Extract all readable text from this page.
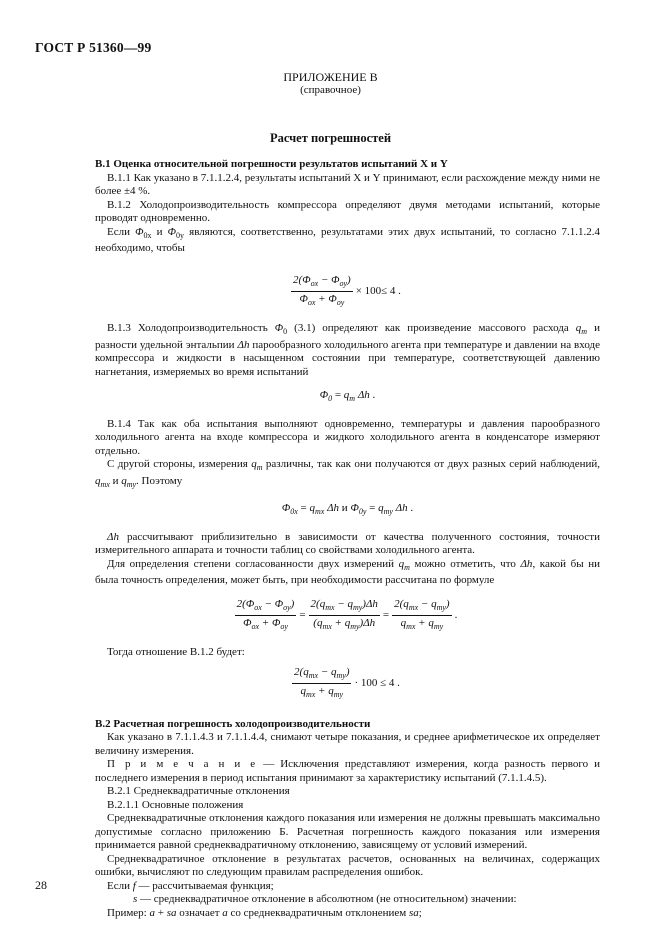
ГОСТ Р 51360—99
ПРИЛОЖЕНИЕ В
(справочное)
Расчет погрешностей

В.1 Оценка относительной погрешности результатов испытаний X и Y

В.1.1 Как указано в 7.1.1.2.4, результаты испытаний X и Y принимают, если расхождение между ними не более ±4 %.

В.1.2 Холодопроизводительность компрессора определяют двумя методами испытаний, которые проводят одновременно.

Если $\Phi_{0x}$ и $\Phi_{0y}$ являются, соответственно, результатами этих двух испытаний, то согласно 7.1.1.2.4 необходимо, чтобы

$\frac{2(\Phi_{ox} - \Phi_{oy})}{\Phi_{ox} + \Phi_{oy}} \times 100\le 4$ .

В.1.3 Холодопроизводительность $\Phi_0$ (3.1) определяют как произведение массового расхода $q_m$ и разности удельной энтальпии Δh парообразного холодильного агента при температуре и давлении на входе компрессора и жидкости в насыщенном состоянии при температуре, соответствующей давлению нагнетания, измеряемых во время испытаний

$\Phi_0 = q_m$ Δh .

В.1.4 Так как оба испытания выполняют одновременно, температуры и давления парообразного холодильного агента на входе компрессора и жидкого холодильного агента в конденсаторе измеряют отдельно.

С другой стороны, измерения $q_m$ различны, так как они получаются от двух разных серий наблюдений, $q_{mx}$ и $q_{my}$. Поэтому

$\Phi_{0x} = q_{mx}$ Δh и $\Phi_{0y} = q_{my}$ Δh .

Δh рассчитывают приблизительно в зависимости от качества полученного состояния, точности измерительного аппарата и точности таблиц со свойствами холодильного агента.

Для определения степени согласованности двух измерений $q_m$ можно отметить, что Δh, какой бы ни была точность определения, может быть, при необходимости рассчитана по формуле

$\frac{2(\Phi_{ox} - \Phi_{oy})}{\Phi_{ox} + \Phi_{oy}} = \frac{2(q_{mx} - q_{my})\Delta h}{(q_{mx} + q_{my})\Delta h} = \frac{2(q_{mx} - q_{my})}{q_{mx} + q_{my}}$ .

Тогда отношение В.1.2 будет:

$\frac{2(q_{mx} - q_{my})}{q_{mx} + q_{my}} \cdot 100 \le 4$ .

В.2 Расчетная погрешность холодопроизводительности

Как указано в 7.1.1.4.3 и 7.1.1.4.4, снимают четыре показания, и среднее арифметическое их определяет величину измерения.

П р и м е ч а н и е — Исключения представляют измерения, когда разность первого и последнего измерения в период испытания принимают за характеристику испытаний (7.1.1.4.5).

В.2.1 Среднеквадратичные отклонения

В.2.1.1 Основные положения

Среднеквадратичные отклонения каждого показания или измерения не должны превышать максимально допустимые согласно приложению Б. Расчетная погрешность каждого показания или измерения принимается равной среднеквадратичному отклонению, зависящему от условий измерений.

Среднеквадратичное отклонение в результатах расчетов, основанных на величинах, содержащих ошибки, вычисляют по следующим правилам распределения ошибок.

Если f — рассчитываемая функция;

s — среднеквадратичное отклонение в абсолютном (не относительном) значении:

Пример: a + sa означает a со среднеквадратичным отклонением sa;

28
